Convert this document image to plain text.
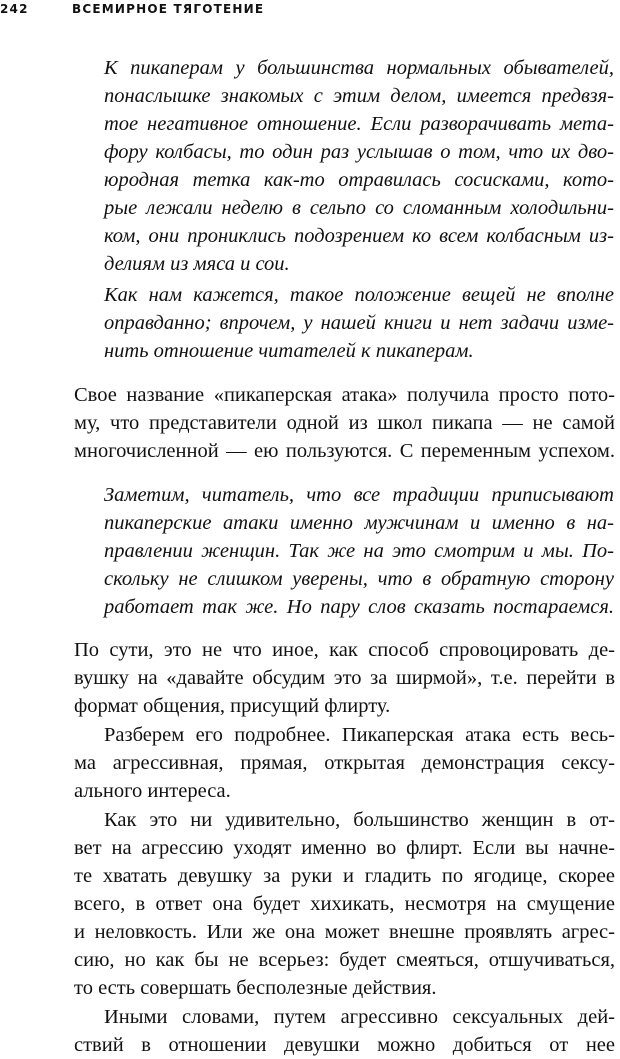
242	ВСЕМИРНОЕ ТЯГОТЕНИЕ
К пикаперам у большинства нормальных обывателей,
понаслышке знакомых с этим делом, имеется предвзя-
тое негативное отношение. Если разворачивать мета-
фору колбасы, то один раз услышав о том, что их дво-
юродная тетка как-то отравилась сосисками, кото-
рые лежали неделю в сельпо со сломанным холодильни-
ком, они прониклись подозрением ко всем колбасным из-
делиям из мяса и сои.
Как нам кажется, такое положение вещей не вполне
оправданно; впрочем, у нашей книги и нет задачи изме-
нить отношение читателей к пикаперам.
Свое название «пикаперская атака» получила просто пото-
му, что представители одной из школ пикапа — не самой
многочисленной — ею пользуются. С переменным успехом.
Заметим, читатель, что все традиции приписывают
пикаперские атаки именно мужчинам и именно в на-
правлении женщин. Так же на это смотрим и мы. По-
скольку не слишком уверены, что в обратную сторону
работает так же. Но пару слов сказать постараемся.
По сути, это не что иное, как способ спровоцировать де-
вушку на «давайте обсудим это за ширмой», т.е. перейти в
формат общения, присущий флирту.
Разберем его подробнее. Пикаперская атака есть весь-
ма агрессивная, прямая, открытая демонстрация сексу-
ального интереса.
Как это ни удивительно, большинство женщин в от-
вет на агрессию уходят именно во флирт. Если вы начне-
те хватать девушку за руки и гладить по ягодице, скорее
всего, в ответ она будет хихикать, несмотря на смущение
и неловкость. Или же она может внешне проявлять агрес-
сию, но как бы не всерьез: будет смеяться, отшучиваться,
то есть совершать бесполезные действия.
Иными словами, путем агрессивно сексуальных дей-
ствий в отношении девушки можно добиться от нее
